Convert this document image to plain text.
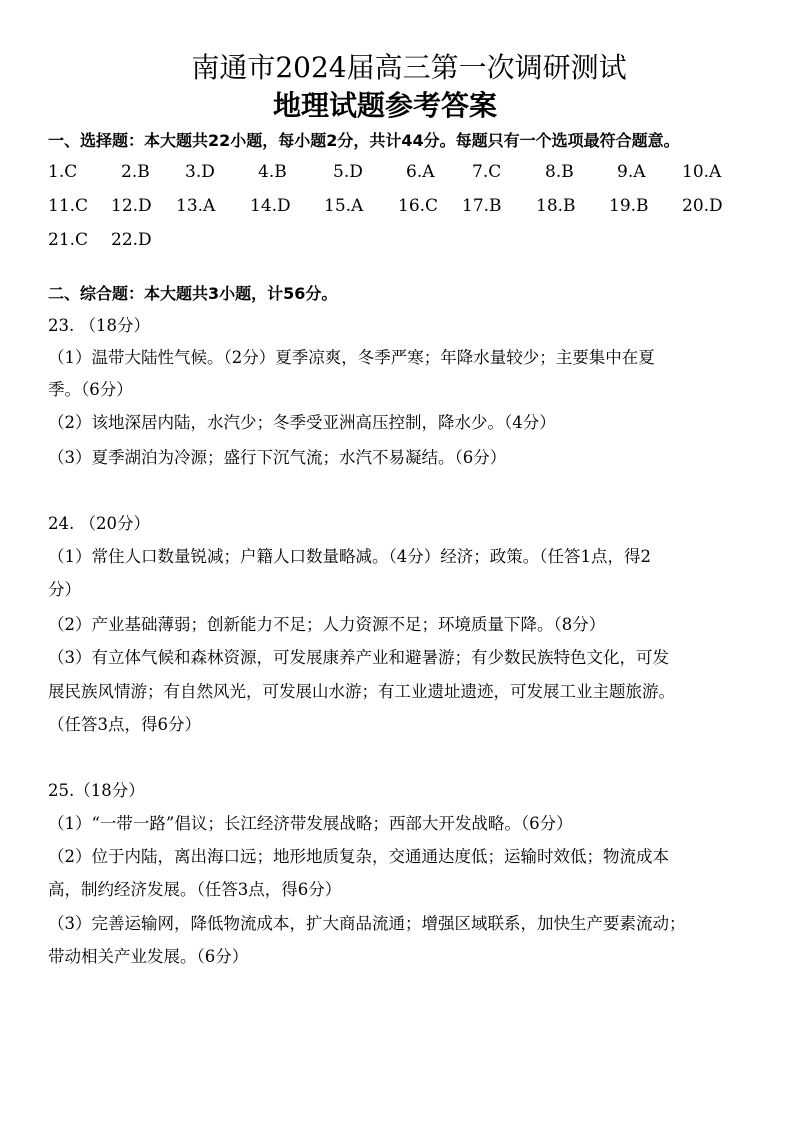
南通市2024届高三第一次调研测试
地理试题参考答案
一、选择题：本大题共22小题，每小题2分，共计44分。每题只有一个选项最符合题意。
1.C	2.B 3.D	4.B	5.D	6.A 7.C	8.B	9.A 10.A
11.C 12.D 13.A 14.D 15.A 16.C 17.B 18.B 19.B 20.D
21.C 22.D
二、综合题：本大题共3小题，计56分。
23. （18分）
（1）温带大陆性气候。（2分）夏季凉爽，冬季严寒；年降水量较少；主要集中在夏
季。（6分）
（2）该地深居内陆，水汽少；冬季受亚洲高压控制，降水少。（4分）
（3）夏季湖泊为冷源；盛行下沉气流；水汽不易凝结。（6分）
24. （20分）
（1）常住人口数量锐减；户籍人口数量略减。（4分）经济；政策。（任答1点，得2
分）
（2）产业基础薄弱；创新能力不足；人力资源不足；环境质量下降。（8分）
（3）有立体气候和森林资源，可发展康养产业和避暑游；有少数民族特色文化，可发
展民族风情游；有自然风光，可发展山水游；有工业遗址遗迹，可发展工业主题旅游。
（任答3点，得6分）
25.（18分）
（1）“一带一路”倡议；长江经济带发展战略；西部大开发战略。（6分）
（2）位于内陆，离出海口远；地形地质复杂，交通通达度低；运输时效低；物流成本
高，制约经济发展。（任答3点，得6分）
（3）完善运输网，降低物流成本，扩大商品流通；增强区域联系，加快生产要素流动；
带动相关产业发展。（6分）
